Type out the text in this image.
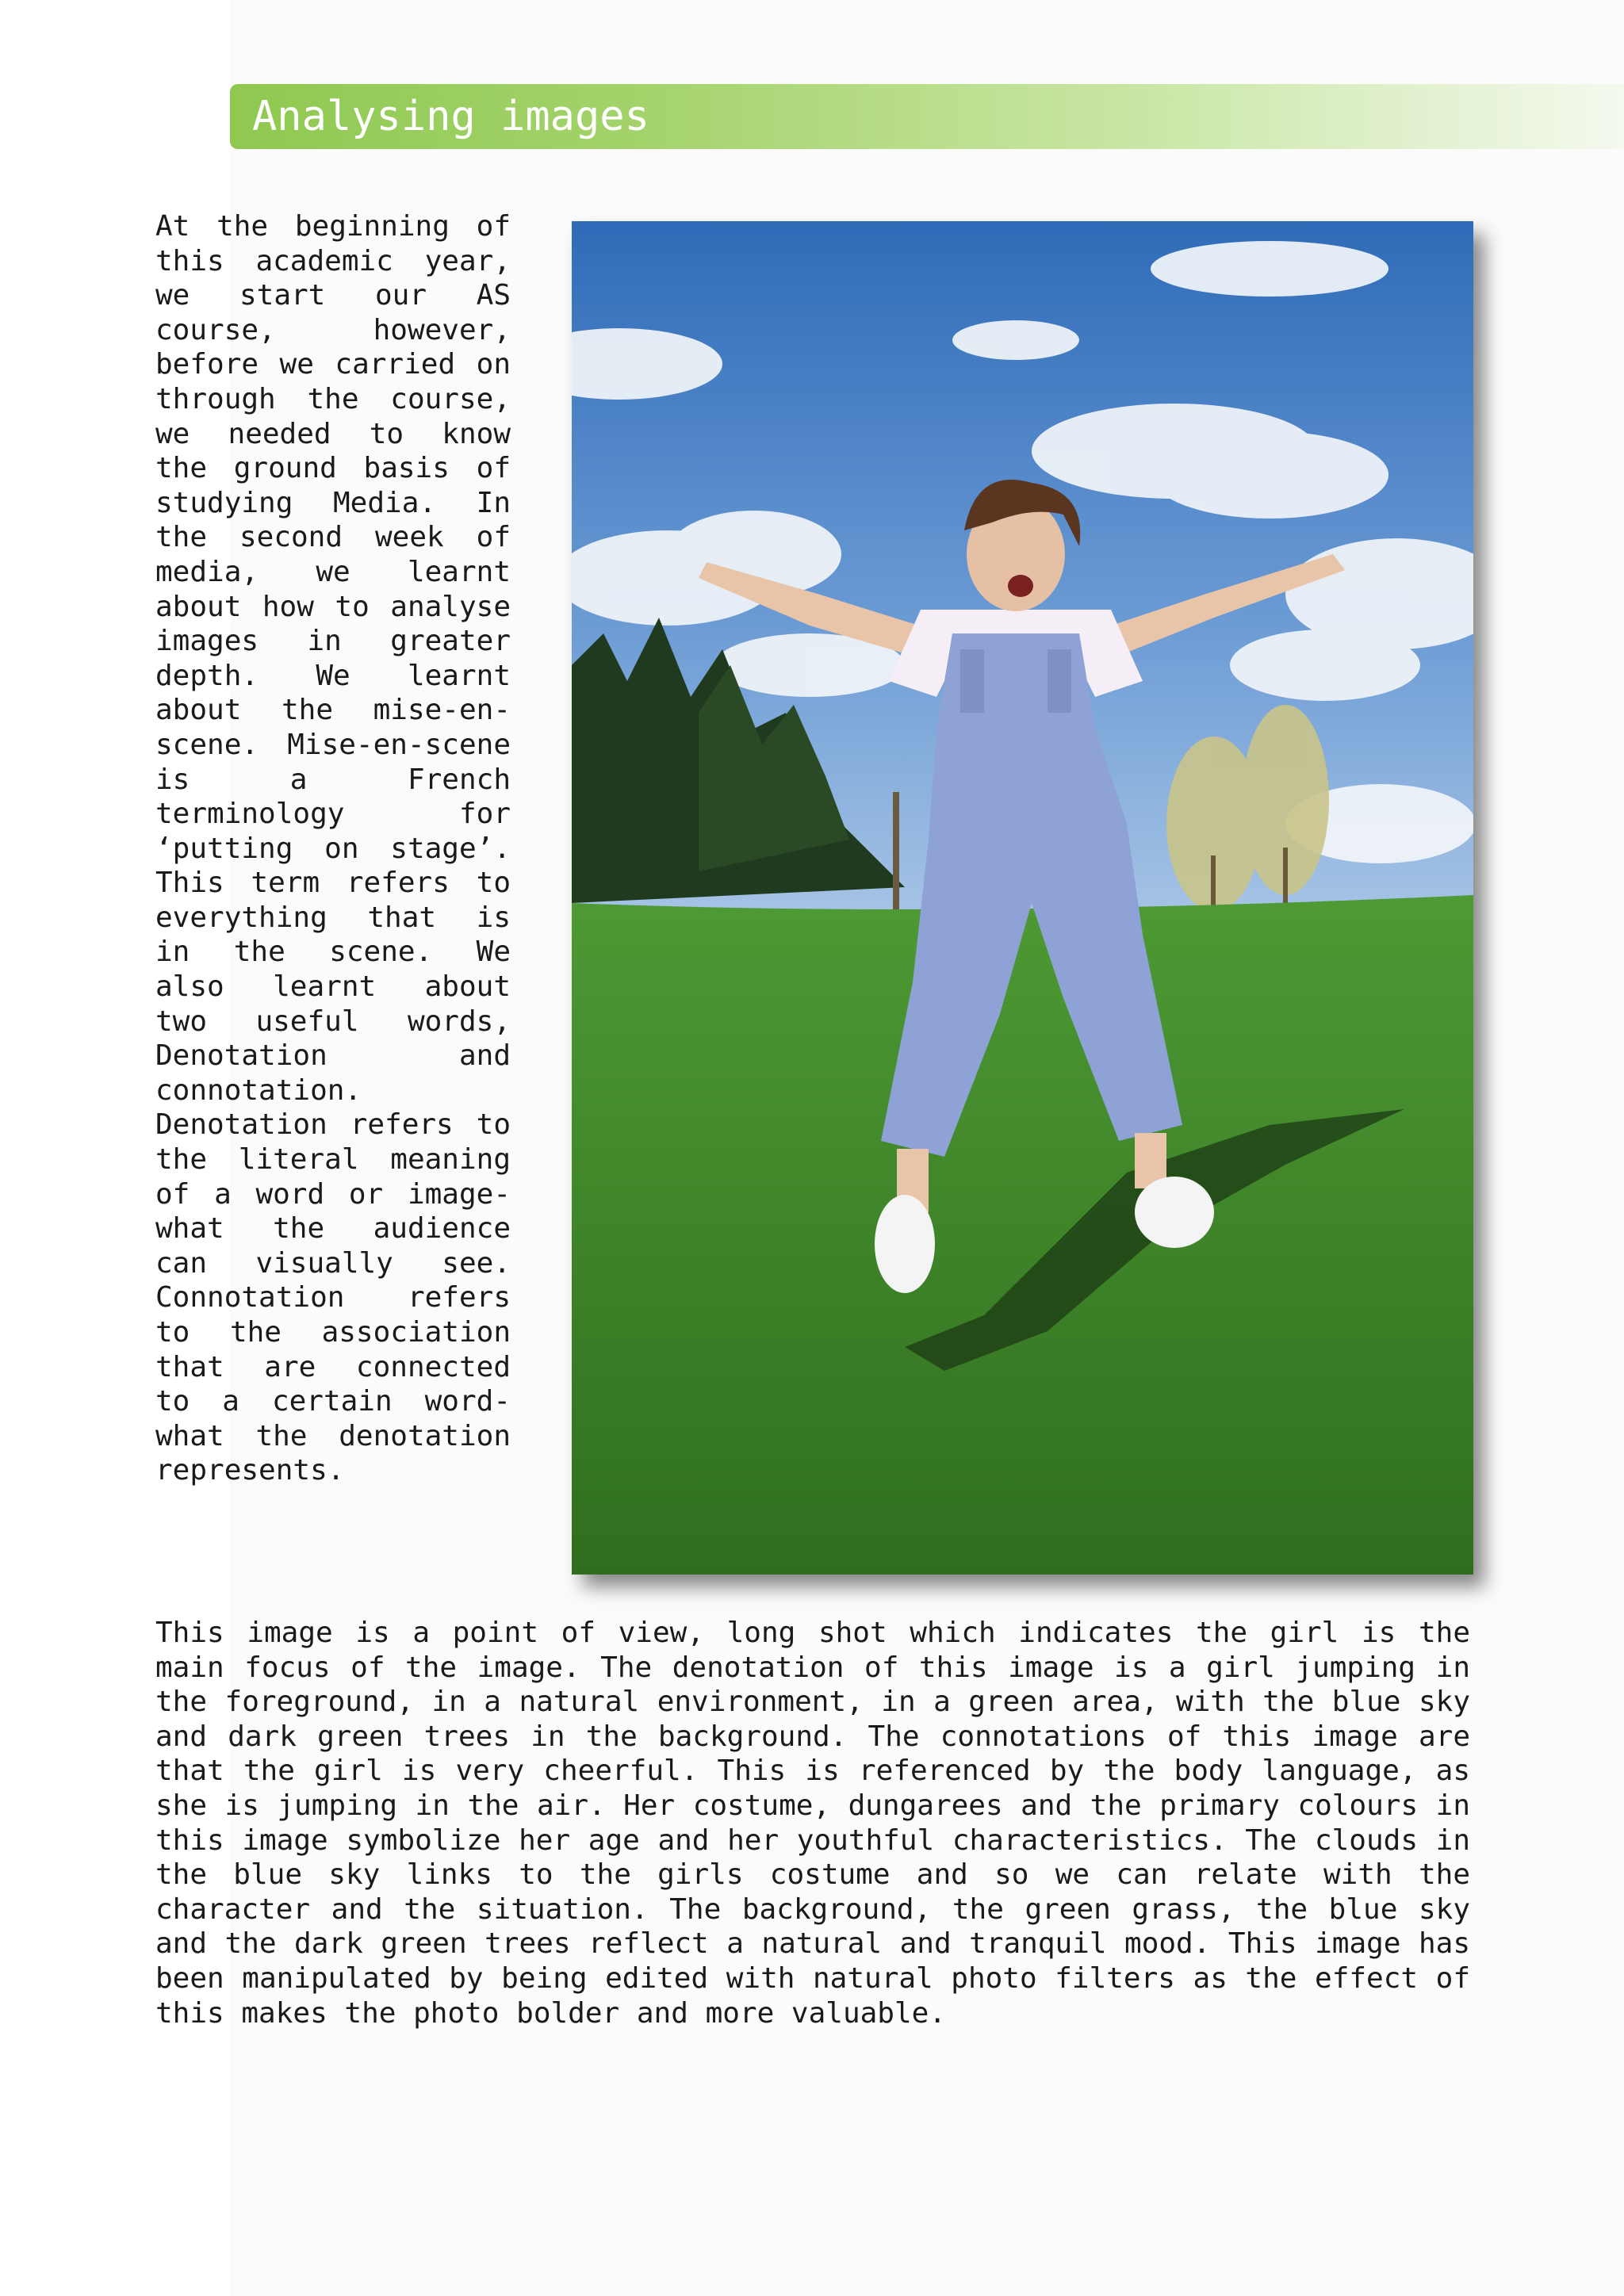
Analysing images

At the beginning of this academic year, we start our AS course, however, before we carried on through the course, we needed to know the ground basis of studying Media. In the second week of media, we learnt about how to analyse images in greater depth. We learnt about the mise-en-scene. Mise-en-scene is a French terminology for ‘putting on stage’. This term refers to everything that is in the scene. We also learnt about two useful words, Denotation and connotation. Denotation refers to the literal meaning of a word or image- what the audience can visually see. Connotation refers to the association that are connected to a certain word- what the denotation represents.

This image is a point of view, long shot which indicates the girl is the main focus of the image. The denotation of this image is a girl jumping in the foreground, in a natural environment, in a green area, with the blue sky and dark green trees in the background. The connotations of this image are that the girl is very cheerful. This is referenced by the body language, as she is jumping in the air. Her costume, dungarees and the primary colours in this image symbolize her age and her youthful characteristics. The clouds in the blue sky links to the girls costume and so we can relate with the character and the situation. The background, the green grass, the blue sky and the dark green trees reflect a natural and tranquil mood. This image has been manipulated by being edited with natural photo filters as the effect of this makes the photo bolder and more valuable.
